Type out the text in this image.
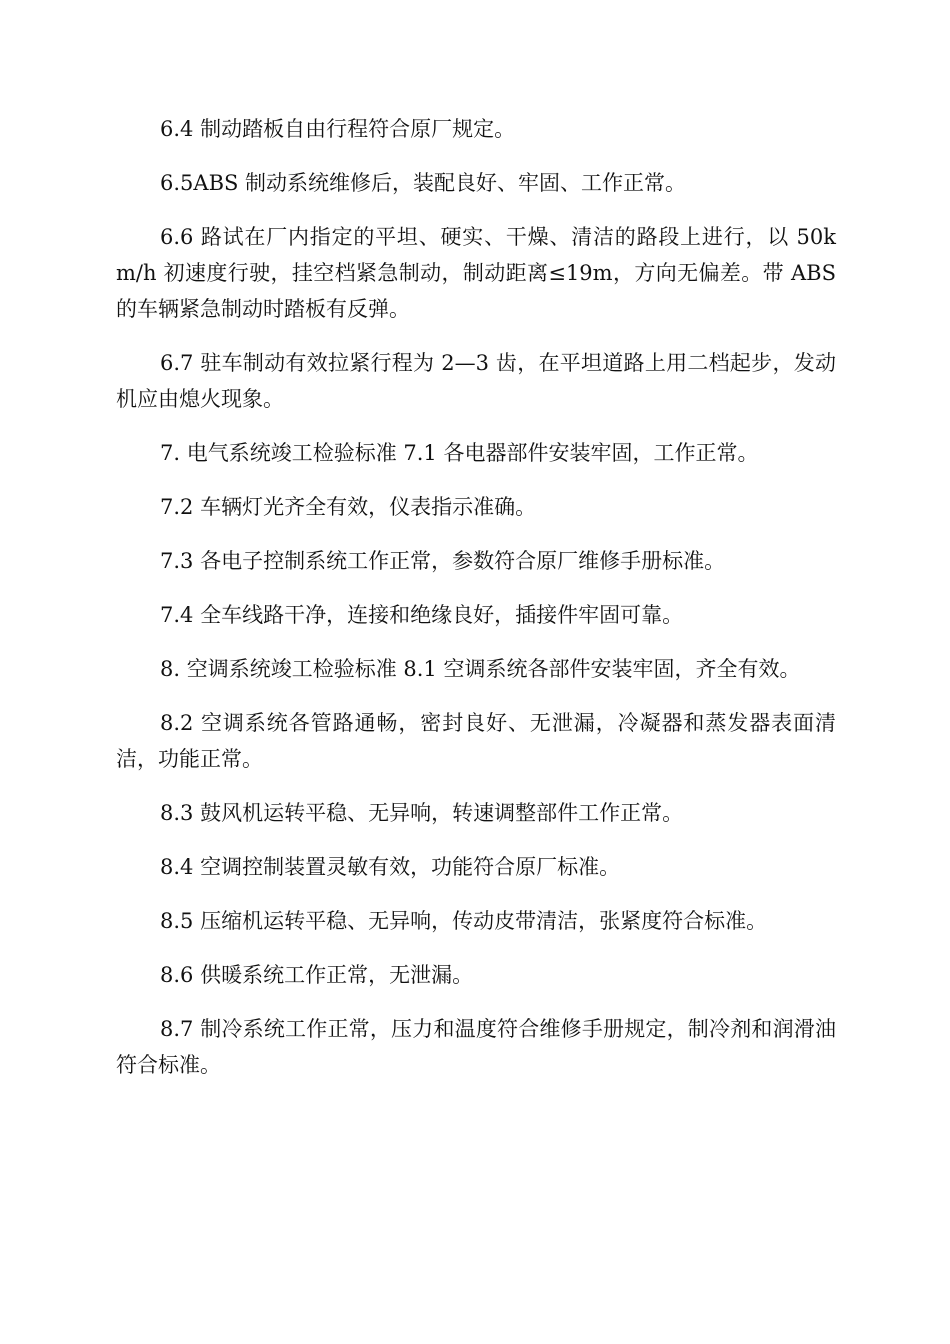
6.4 制动踏板自由行程符合原厂规定。

6.5ABS 制动系统维修后，装配良好、牢固、工作正常。

6.6 路试在厂内指定的平坦、硬实、干燥、清洁的路段上进行，以 50km/h 初速度行驶，挂空档紧急制动，制动距离≤19m，方向无偏差。带 ABS 的车辆紧急制动时踏板有反弹。

6.7 驻车制动有效拉紧行程为 2—3 齿，在平坦道路上用二档起步，发动机应由熄火现象。

7. 电气系统竣工检验标准 7.1 各电器部件安装牢固，工作正常。

7.2 车辆灯光齐全有效，仪表指示准确。

7.3 各电子控制系统工作正常，参数符合原厂维修手册标准。

7.4 全车线路干净，连接和绝缘良好，插接件牢固可靠。

8. 空调系统竣工检验标准 8.1 空调系统各部件安装牢固，齐全有效。

8.2 空调系统各管路通畅，密封良好、无泄漏，冷凝器和蒸发器表面清洁，功能正常。

8.3 鼓风机运转平稳、无异响，转速调整部件工作正常。

8.4 空调控制装置灵敏有效，功能符合原厂标准。

8.5 压缩机运转平稳、无异响，传动皮带清洁，张紧度符合标准。

8.6 供暖系统工作正常，无泄漏。

8.7 制冷系统工作正常，压力和温度符合维修手册规定，制冷剂和润滑油符合标准。
